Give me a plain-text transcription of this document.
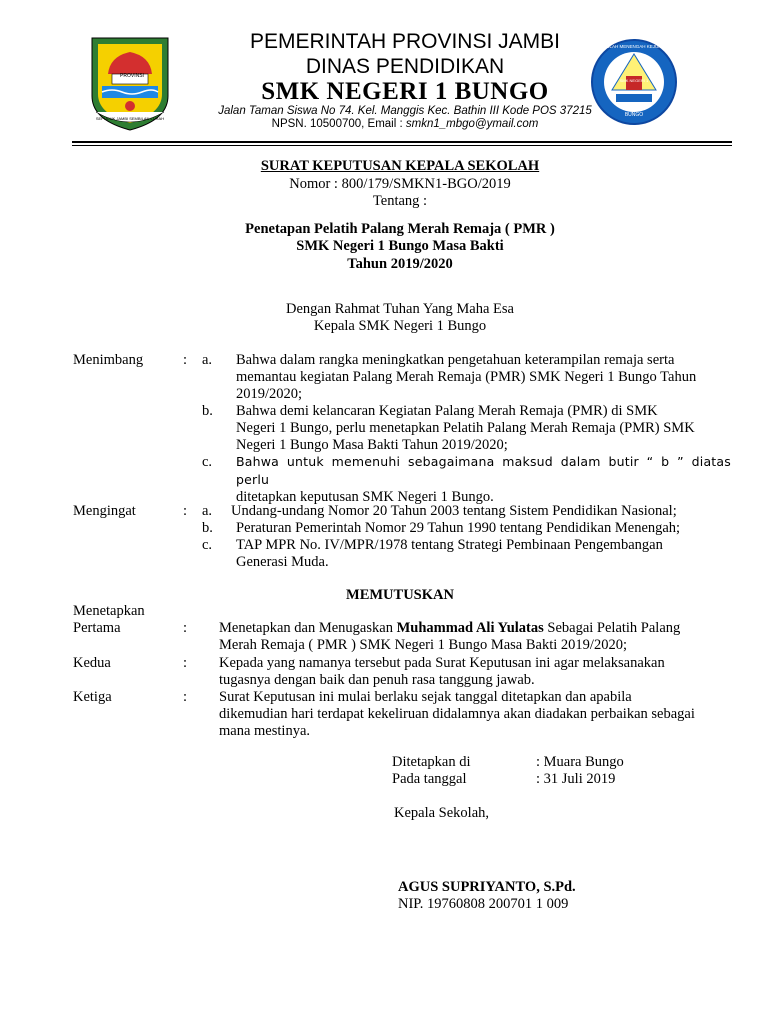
PROVINSI
SEPUCUK JAMBI SEMBILAN LURAH
SEKOLAH MENENGAH KEJURUAN
SMK NEGERI 1
BUNGO
PEMERINTAH PROVINSI JAMBI
DINAS PENDIDIKAN
SMK NEGERI 1 BUNGO
Jalan Taman Siswa No 74. Kel. Manggis Kec. Bathin III Kode POS 37215
NPSN. 10500700, Email : smkn1_mbgo@ymail.com
SURAT KEPUTUSAN KEPALA SEKOLAH
Nomor : 800/179/SMKN1-BGO/2019
Tentang :
Penetapan Pelatih Palang Merah Remaja ( PMR )
SMK Negeri 1 Bungo Masa Bakti
Tahun 2019/2020
Dengan Rahmat Tuhan Yang Maha Esa
Kepala SMK Negeri 1 Bungo
Menimbang	: a. Bahwa dalam rangka meningkatkan pengetahuan keterampilan remaja serta
memantau kegiatan Palang Merah Remaja (PMR) SMK Negeri 1 Bungo Tahun
2019/2020;
b. Bahwa demi kelancaran Kegiatan Palang Merah Remaja (PMR) di SMK
Negeri 1 Bungo, perlu menetapkan Pelatih Palang Merah Remaja (PMR) SMK
Negeri 1 Bungo Masa Bakti Tahun 2019/2020;
c. Bahwa untuk memenuhi sebagaimana maksud dalam butir “ b ” diatas perlu
ditetapkan keputusan SMK Negeri 1 Bungo.
Mengingat	: a. Undang-undang Nomor 20 Tahun 2003 tentang Sistem Pendidikan Nasional;
b. Peraturan Pemerintah Nomor 29 Tahun 1990 tentang Pendidikan Menengah;
c. TAP MPR No. IV/MPR/1978 tentang Strategi Pembinaan Pengembangan
Generasi Muda.
MEMUTUSKAN
Menetapkan
Pertama	: Menetapkan dan Menugaskan Muhammad Ali Yulatas Sebagai Pelatih Palang
Merah Remaja ( PMR ) SMK Negeri 1 Bungo Masa Bakti 2019/2020;
Kedua	: Kepada yang namanya tersebut pada Surat Keputusan ini agar melaksanakan
tugasnya dengan baik dan penuh rasa tanggung jawab.
Ketiga	: Surat Keputusan ini mulai berlaku sejak tanggal ditetapkan dan apabila
dikemudian hari terdapat kekeliruan didalamnya akan diadakan perbaikan sebagai
mana mestinya.
Ditetapkan di	: Muara Bungo
Pada tanggal	: 31 Juli 2019
Kepala Sekolah,
AGUS SUPRIYANTO, S.Pd.
NIP. 19760808 200701 1 009
